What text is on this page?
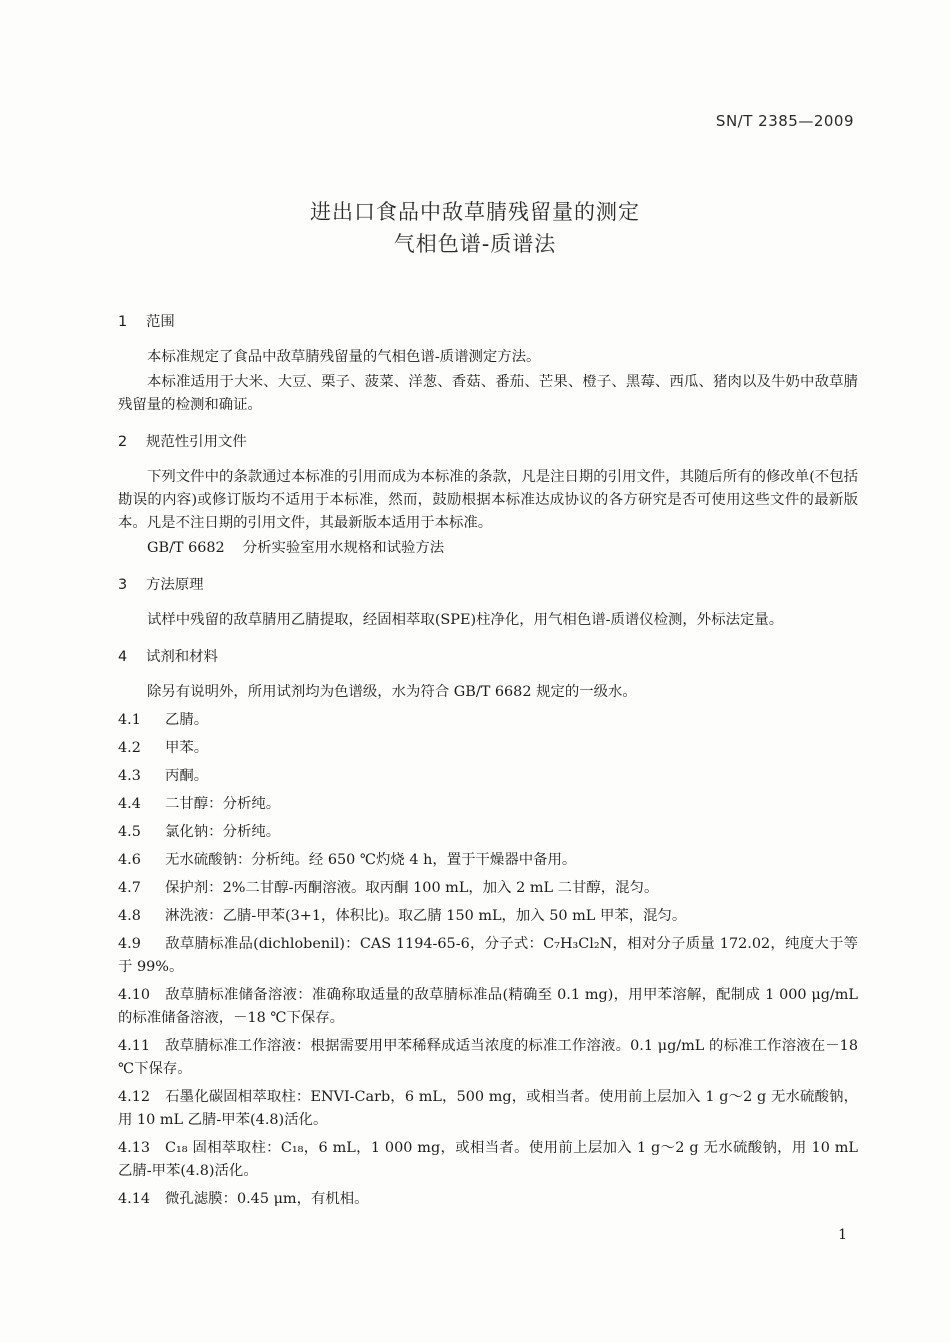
SN/T 2385—2009
进出口食品中敌草腈残留量的测定
气相色谱-质谱法
1 范围
本标准规定了食品中敌草腈残留量的气相色谱-质谱测定方法。
本标准适用于大米、大豆、栗子、菠菜、洋葱、香菇、番茄、芒果、橙子、黑莓、西瓜、猪肉以及牛奶中敌草腈残留量的检测和确证。
2 规范性引用文件
下列文件中的条款通过本标准的引用而成为本标准的条款，凡是注日期的引用文件，其随后所有的修改单(不包括勘误的内容)或修订版均不适用于本标准，然而，鼓励根据本标准达成协议的各方研究是否可使用这些文件的最新版本。凡是不注日期的引用文件，其最新版本适用于本标准。
GB/T 6682 分析实验室用水规格和试验方法
3 方法原理
试样中残留的敌草腈用乙腈提取，经固相萃取(SPE)柱净化，用气相色谱-质谱仪检测，外标法定量。
4 试剂和材料
除另有说明外，所用试剂均为色谱级，水为符合 GB/T 6682 规定的一级水。
4.1 乙腈。
4.2 甲苯。
4.3 丙酮。
4.4 二甘醇：分析纯。
4.5 氯化钠：分析纯。
4.6 无水硫酸钠：分析纯。经 650 ℃灼烧 4 h，置于干燥器中备用。
4.7 保护剂：2%二甘醇-丙酮溶液。取丙酮 100 mL，加入 2 mL 二甘醇，混匀。
4.8 淋洗液：乙腈-甲苯(3+1，体积比)。取乙腈 150 mL，加入 50 mL 甲苯，混匀。
4.9 敌草腈标准品(dichlobenil)：CAS 1194-65-6，分子式：C₇H₃Cl₂N，相对分子质量 172.02，纯度大于等于 99%。
4.10 敌草腈标准储备溶液：准确称取适量的敌草腈标准品(精确至 0.1 mg)，用甲苯溶解，配制成 1 000 μg/mL 的标准储备溶液，－18 ℃下保存。
4.11 敌草腈标准工作溶液：根据需要用甲苯稀释成适当浓度的标准工作溶液。0.1 μg/mL 的标准工作溶液在－18 ℃下保存。
4.12 石墨化碳固相萃取柱：ENVI-Carb，6 mL，500 mg，或相当者。使用前上层加入 1 g～2 g 无水硫酸钠，用 10 mL 乙腈-甲苯(4.8)活化。
4.13 C₁₈ 固相萃取柱：C₁₈，6 mL，1 000 mg，或相当者。使用前上层加入 1 g～2 g 无水硫酸钠，用 10 mL 乙腈-甲苯(4.8)活化。
4.14 微孔滤膜：0.45 μm，有机相。
1
